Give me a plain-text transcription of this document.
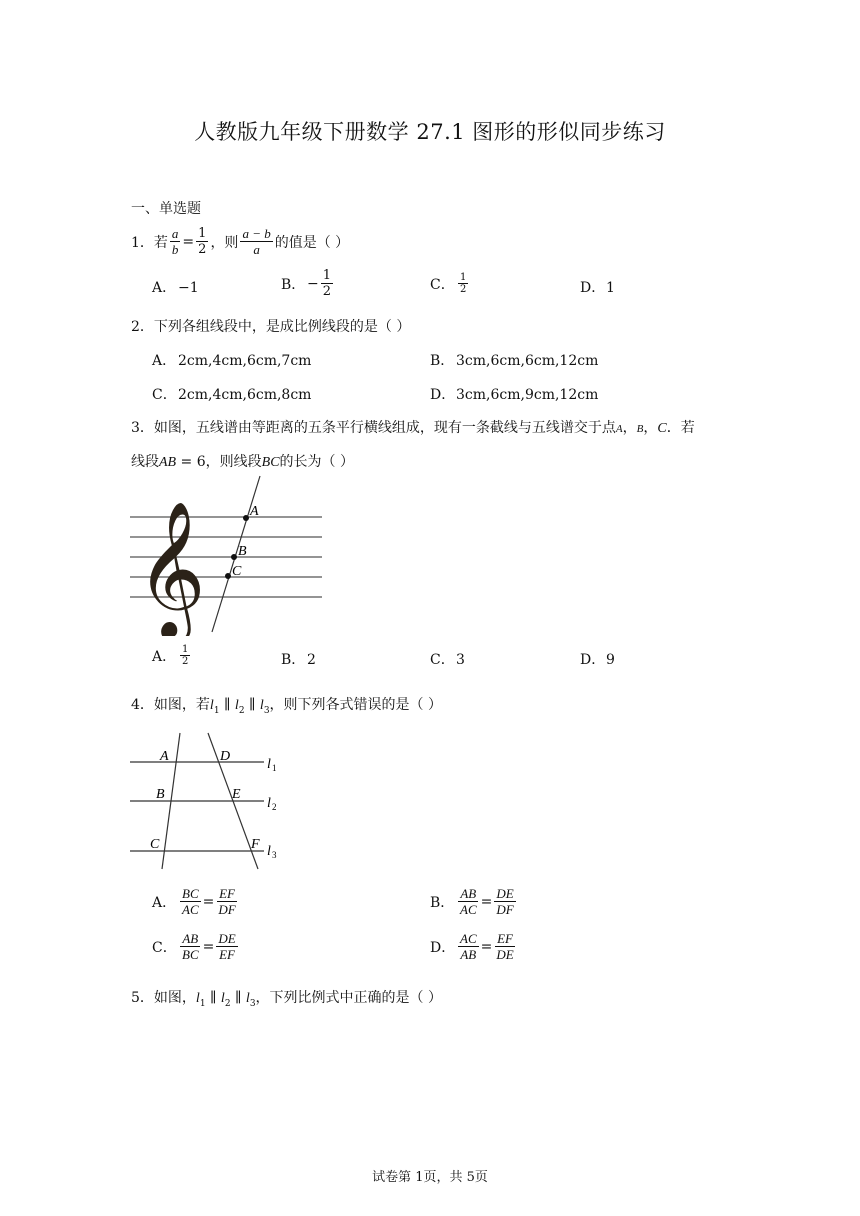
人教版九年级下册数学 27.1 图形的形似同步练习
一、单选题
1． 若 $\frac{a}{b} = \frac{1}{2}$ ，则 $\frac{a - b}{a}$ 的值是（ ）
A． −1	B． − $\frac{1}{2}$	C． $\frac{1}{2}$	D．1
2．下列各组线段中，是成比例线段的是（ ）
A． 2cm,4cm,6cm,7cm	B． 3cm,6cm,6cm,12cm
C．2cm,4cm,6cm,8cm	D．3cm,6cm,9cm,12cm
3．如图，五线谱由等距离的五条平行横线组成，现有一条截线与五线谱交于点A，B，C．若
线段AB = 6，则线段BC的长为（ ）
𝄞	A
B
C
A． $\frac{1}{2}$	B． 2	C．3	D．9
4．如图，若$l_1$ ∥ $l_2$ ∥ $l_3$，则下列各式错误的是（ ）
A
B
C
D
E
F
l 1
l 2
l 3
A． $\frac{BC}{AC} = \frac{EF}{DF}$	B． $\frac{AB}{AC} = \frac{DE}{DF}$
C． $\frac{AB}{BC} = \frac{DE}{EF}$	D． $\frac{AC}{AB} = \frac{EF}{DE}$
5．如图，$l_1$ ∥ $l_2$ ∥ $l_3$，下列比例式中正确的是（ ）
试卷第 1页，共 5页
